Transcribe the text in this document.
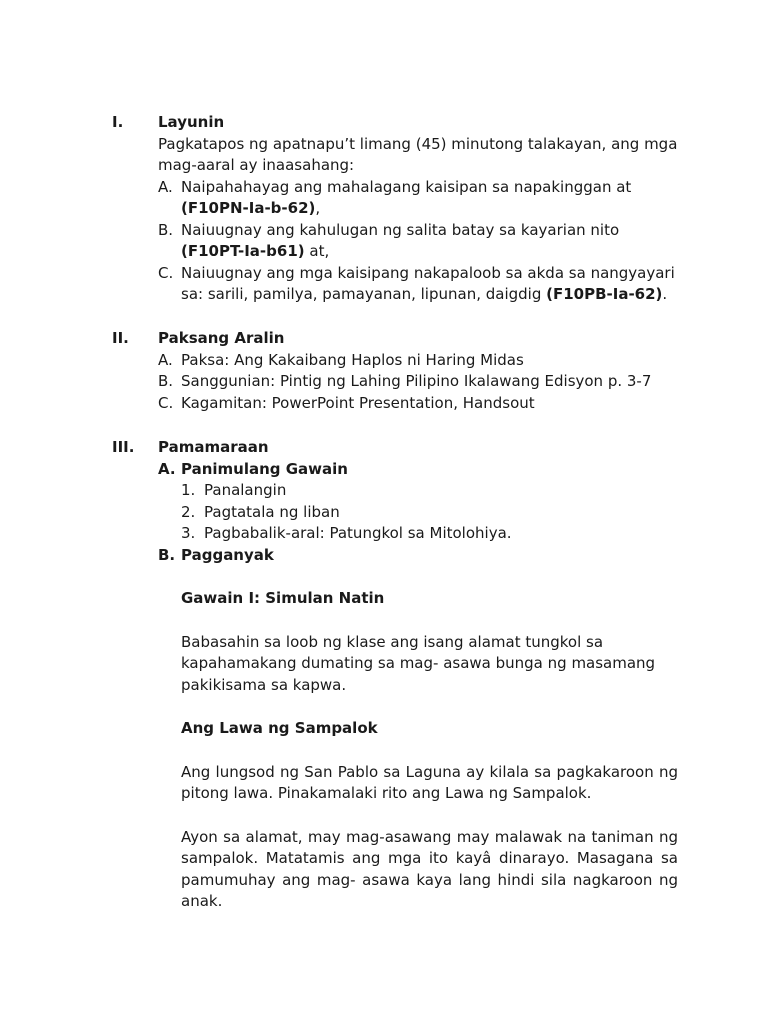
I.	Layunin
Pagkatapos ng apatnapu’t limang (45) minutong talakayan, ang mga mag-aaral ay inaasahang:
A. Naipahahayag ang mahalagang kaisipan sa napakinggan at (F10PN-Ia-b-62),
B. Naiuugnay ang kahulugan ng salita batay sa kayarian nito (F10PT-Ia-b61) at,
C. Naiuugnay ang mga kaisipang nakapaloob sa akda sa nangyayari sa: sarili, pamilya, pamayanan, lipunan, daigdig (F10PB-Ia-62).
II.	Paksang Aralin
A. Paksa: Ang Kakaibang Haplos ni Haring Midas
B. Sanggunian: Pintig ng Lahing Pilipino Ikalawang Edisyon p. 3-7
C. Kagamitan: PowerPoint Presentation, Handsout
III.	Pamamaraan
A. Panimulang Gawain
1. Panalangin
2. Pagtatala ng liban
3. Pagbabalik-aral: Patungkol sa Mitolohiya.
B. Pagganyak
Gawain I: Simulan Natin
Babasahin sa loob ng klase ang isang alamat tungkol sa kapahamakang dumating sa mag- asawa bunga ng masamang pakikisama sa kapwa.
Ang Lawa ng Sampalok
Ang lungsod ng San Pablo sa Laguna ay kilala sa pagkakaroon ng pitong lawa. Pinakamalaki rito ang Lawa ng Sampalok.
Ayon sa alamat, may mag-asawang may malawak na taniman ng sampalok. Matatamis ang mga ito kayâ dinarayo. Masagana sa pamumuhay ang mag- asawa kaya lang hindi sila nagkaroon ng anak.
